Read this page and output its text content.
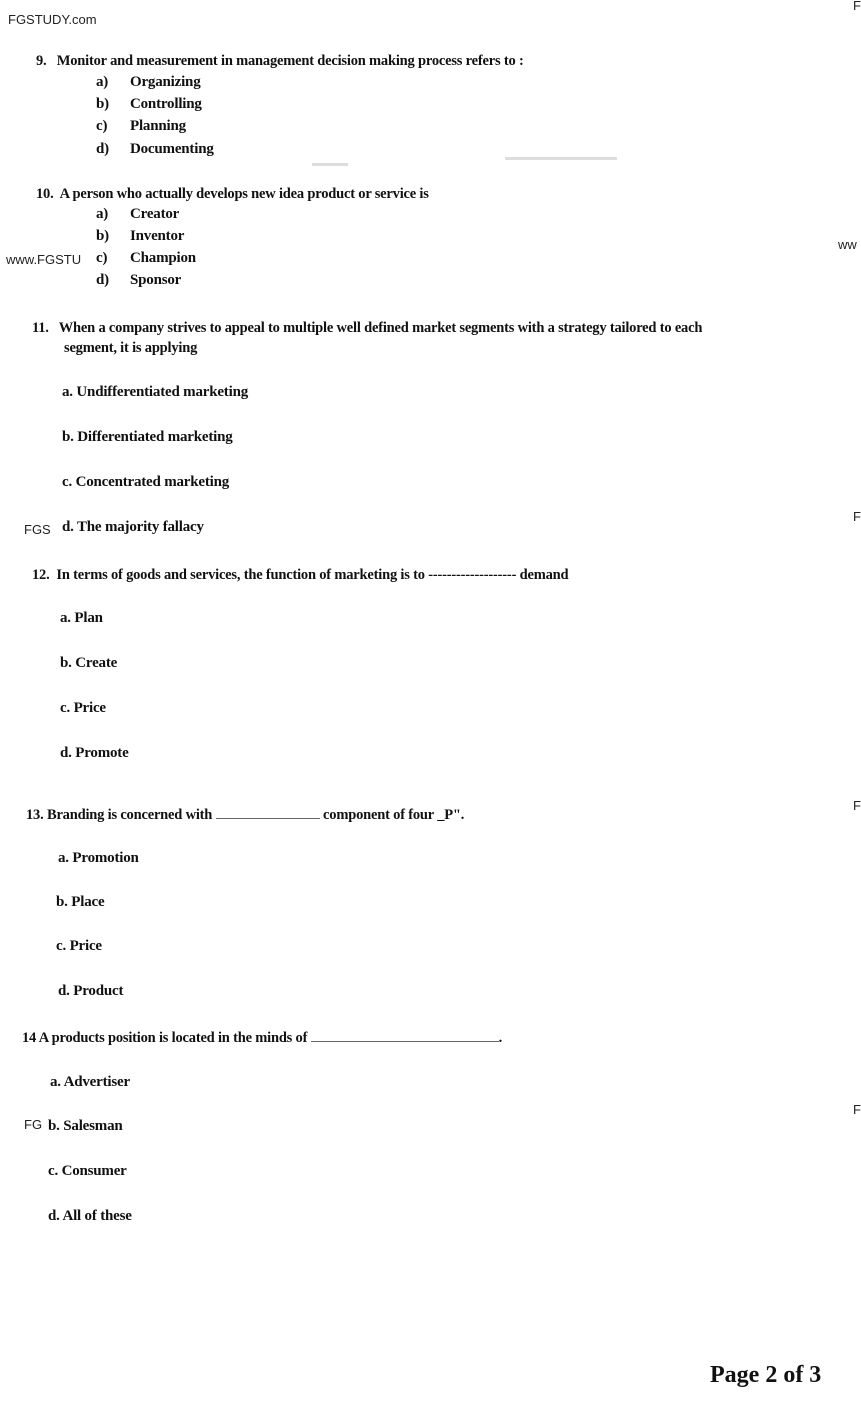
FGSTUDY.com
www.FGSTU
FGS
FG
F
ww
F
F
F
9. Monitor and measurement in management decision making process refers to :
a) Organizing
b) Controlling
c) Planning
d) Documenting
10. A person who actually develops new idea product or service is
a) Creator
b) Inventor
c) Champion
d) Sponsor
11. When a company strives to appeal to multiple well defined market segments with a strategy tailored to each
segment, it is applying
a. Undifferentiated marketing
b. Differentiated marketing
c. Concentrated marketing
d. The majority fallacy
12. In terms of goods and services, the function of marketing is to ------------------- demand
a. Plan
b. Create
c. Price
d. Promote
13. Branding is concerned with	component of four _P".
a. Promotion
b. Place
c. Price
d. Product
14 A products position is located in the minds of	.
a. Advertiser
b. Salesman
c. Consumer
d. All of these
Page 2 of 3
